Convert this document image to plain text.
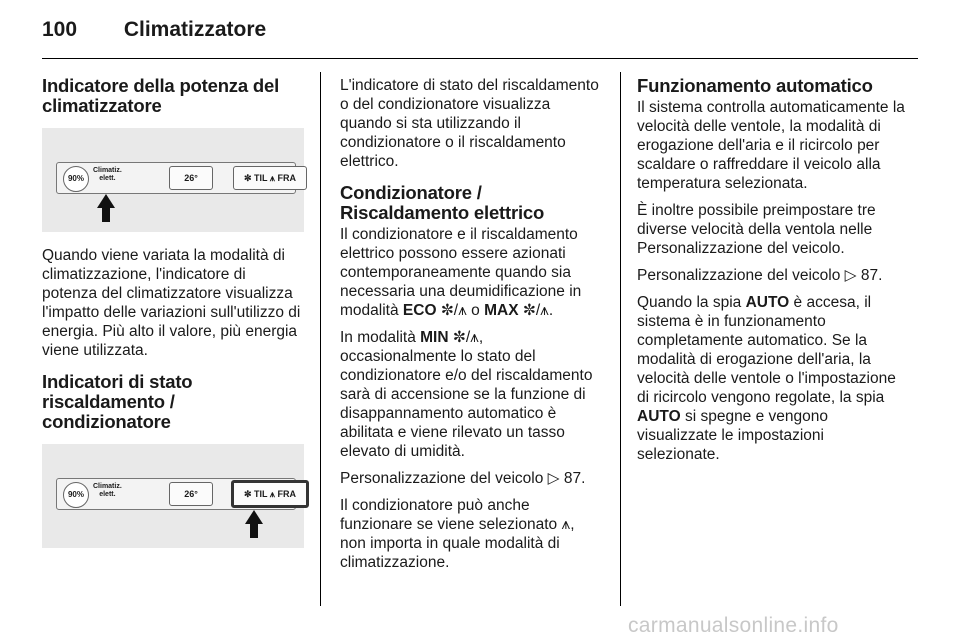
100 Climatizzatore
Indicatore della potenza del climatizzatore
90%
Climatiz.
elett.	26°	✼ TIL ⩚ FRA

Quando viene variata la modalità di climatizzazione, l'indicatore di potenza del climatizzatore visualizza l'impatto delle variazioni sull'utilizzo di energia. Più alto il valore, più energia viene utilizzata.

Indicatori di stato
riscaldamento / condizionatore
90%
Climatiz.
elett.	26°	✼ TIL ⩚ FRA

L'indicatore di stato del riscaldamento o del condizionatore visualizza quando si sta utilizzando il condizionatore o il riscaldamento elettrico.

Condizionatore / Riscaldamento elettrico

Il condizionatore e il riscaldamento elettrico possono essere azionati contemporaneamente quando sia necessaria una deumidificazione in modalità ECO ✼/⩚ o MAX ✼/⩚.

In modalità MIN ✼/⩚, occasionalmente lo stato del condizionatore e/o del riscaldamento sarà di accensione se la funzione di disappannamento automatico è abilitata e viene rilevato un tasso elevato di umidità.

Personalizzazione del veicolo ▷ 87.

Il condizionatore può anche funzionare se viene selezionato ⩚, non importa in quale modalità di climatizzazione.

Funzionamento automatico

Il sistema controlla automaticamente la velocità delle ventole, la modalità di erogazione dell'aria e il ricircolo per scaldare o raffreddare il veicolo alla temperatura selezionata.

È inoltre possibile preimpostare tre diverse velocità della ventola nelle Personalizzazione del veicolo.

Personalizzazione del veicolo ▷ 87.

Quando la spia AUTO è accesa, il sistema è in funzionamento completamente automatico. Se la modalità di erogazione dell'aria, la velocità delle ventole o l'impostazione di ricircolo vengono regolate, la spia AUTO si spegne e vengono visualizzate le impostazioni selezionate.

carmanualsonline.info
